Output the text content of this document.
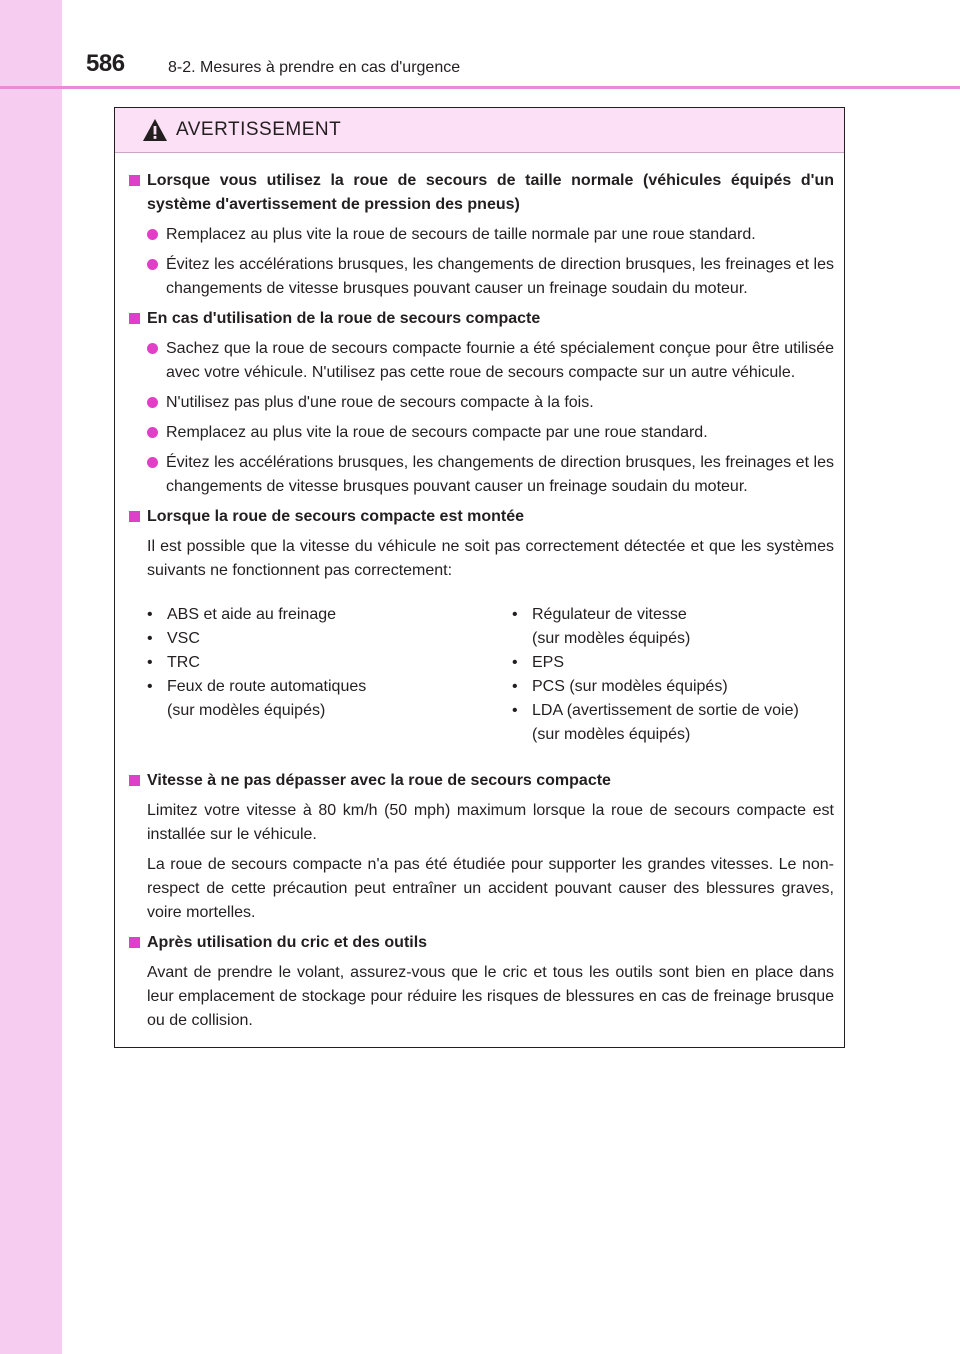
586	8-2. Mesures à prendre en cas d'urgence
AVERTISSEMENT
Lorsque vous utilisez la roue de secours de taille normale (véhicules équipés d'un système d'avertissement de pression des pneus)
Remplacez au plus vite la roue de secours de taille normale par une roue standard.
Évitez les accélérations brusques, les changements de direction brusques, les freinages et les changements de vitesse brusques pouvant causer un freinage soudain du moteur.
En cas d'utilisation de la roue de secours compacte
Sachez que la roue de secours compacte fournie a été spécialement conçue pour être utilisée avec votre véhicule. N'utilisez pas cette roue de secours compacte sur un autre véhicule.
N'utilisez pas plus d'une roue de secours compacte à la fois.
Remplacez au plus vite la roue de secours compacte par une roue standard.
Évitez les accélérations brusques, les changements de direction brusques, les freinages et les changements de vitesse brusques pouvant causer un freinage soudain du moteur.
Lorsque la roue de secours compacte est montée
Il est possible que la vitesse du véhicule ne soit pas correctement détectée et que les systèmes suivants ne fonctionnent pas correctement:
• ABS et aide au freinage
• VSC
• TRC
• Feux de route automatiques
(sur modèles équipés)
• Régulateur de vitesse
(sur modèles équipés)
• EPS
• PCS (sur modèles équipés)
• LDA (avertissement de sortie de voie)
(sur modèles équipés)
Vitesse à ne pas dépasser avec la roue de secours compacte
Limitez votre vitesse à 80 km/h (50 mph) maximum lorsque la roue de secours compacte est installée sur le véhicule.
La roue de secours compacte n'a pas été étudiée pour supporter les grandes vitesses. Le non-respect de cette précaution peut entraîner un accident pouvant causer des blessures graves, voire mortelles.
Après utilisation du cric et des outils
Avant de prendre le volant, assurez-vous que le cric et tous les outils sont bien en place dans leur emplacement de stockage pour réduire les risques de blessures en cas de freinage brusque ou de collision.
